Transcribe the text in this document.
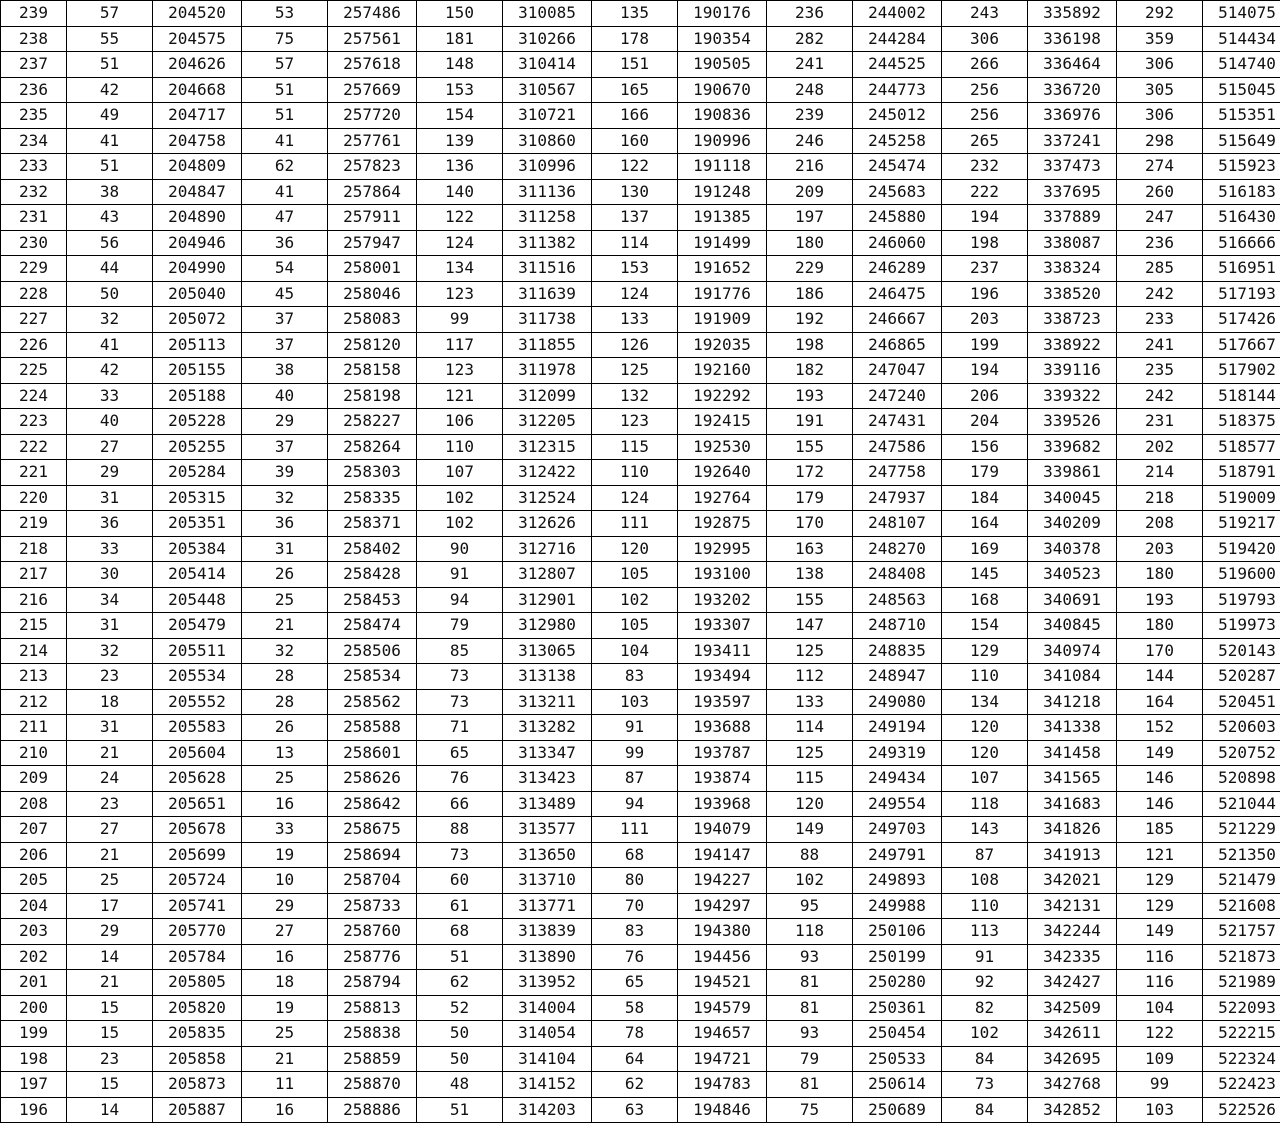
239	57	204520	53	257486	150	310085	135	190176	236	244002	243	335892	292	514075
238	55	204575	75	257561	181	310266	178	190354	282	244284	306	336198	359	514434
237	51	204626	57	257618	148	310414	151	190505	241	244525	266	336464	306	514740
236	42	204668	51	257669	153	310567	165	190670	248	244773	256	336720	305	515045
235	49	204717	51	257720	154	310721	166	190836	239	245012	256	336976	306	515351
234	41	204758	41	257761	139	310860	160	190996	246	245258	265	337241	298	515649
233	51	204809	62	257823	136	310996	122	191118	216	245474	232	337473	274	515923
232	38	204847	41	257864	140	311136	130	191248	209	245683	222	337695	260	516183
231	43	204890	47	257911	122	311258	137	191385	197	245880	194	337889	247	516430
230	56	204946	36	257947	124	311382	114	191499	180	246060	198	338087	236	516666
229	44	204990	54	258001	134	311516	153	191652	229	246289	237	338324	285	516951
228	50	205040	45	258046	123	311639	124	191776	186	246475	196	338520	242	517193
227	32	205072	37	258083	99	311738	133	191909	192	246667	203	338723	233	517426
226	41	205113	37	258120	117	311855	126	192035	198	246865	199	338922	241	517667
225	42	205155	38	258158	123	311978	125	192160	182	247047	194	339116	235	517902
224	33	205188	40	258198	121	312099	132	192292	193	247240	206	339322	242	518144
223	40	205228	29	258227	106	312205	123	192415	191	247431	204	339526	231	518375
222	27	205255	37	258264	110	312315	115	192530	155	247586	156	339682	202	518577
221	29	205284	39	258303	107	312422	110	192640	172	247758	179	339861	214	518791
220	31	205315	32	258335	102	312524	124	192764	179	247937	184	340045	218	519009
219	36	205351	36	258371	102	312626	111	192875	170	248107	164	340209	208	519217
218	33	205384	31	258402	90	312716	120	192995	163	248270	169	340378	203	519420
217	30	205414	26	258428	91	312807	105	193100	138	248408	145	340523	180	519600
216	34	205448	25	258453	94	312901	102	193202	155	248563	168	340691	193	519793
215	31	205479	21	258474	79	312980	105	193307	147	248710	154	340845	180	519973
214	32	205511	32	258506	85	313065	104	193411	125	248835	129	340974	170	520143
213	23	205534	28	258534	73	313138	83	193494	112	248947	110	341084	144	520287
212	18	205552	28	258562	73	313211	103	193597	133	249080	134	341218	164	520451
211	31	205583	26	258588	71	313282	91	193688	114	249194	120	341338	152	520603
210	21	205604	13	258601	65	313347	99	193787	125	249319	120	341458	149	520752
209	24	205628	25	258626	76	313423	87	193874	115	249434	107	341565	146	520898
208	23	205651	16	258642	66	313489	94	193968	120	249554	118	341683	146	521044
207	27	205678	33	258675	88	313577	111	194079	149	249703	143	341826	185	521229
206	21	205699	19	258694	73	313650	68	194147	88	249791	87	341913	121	521350
205	25	205724	10	258704	60	313710	80	194227	102	249893	108	342021	129	521479
204	17	205741	29	258733	61	313771	70	194297	95	249988	110	342131	129	521608
203	29	205770	27	258760	68	313839	83	194380	118	250106	113	342244	149	521757
202	14	205784	16	258776	51	313890	76	194456	93	250199	91	342335	116	521873
201	21	205805	18	258794	62	313952	65	194521	81	250280	92	342427	116	521989
200	15	205820	19	258813	52	314004	58	194579	81	250361	82	342509	104	522093
199	15	205835	25	258838	50	314054	78	194657	93	250454	102	342611	122	522215
198	23	205858	21	258859	50	314104	64	194721	79	250533	84	342695	109	522324
197	15	205873	11	258870	48	314152	62	194783	81	250614	73	342768	99	522423
196	14	205887	16	258886	51	314203	63	194846	75	250689	84	342852	103	522526
